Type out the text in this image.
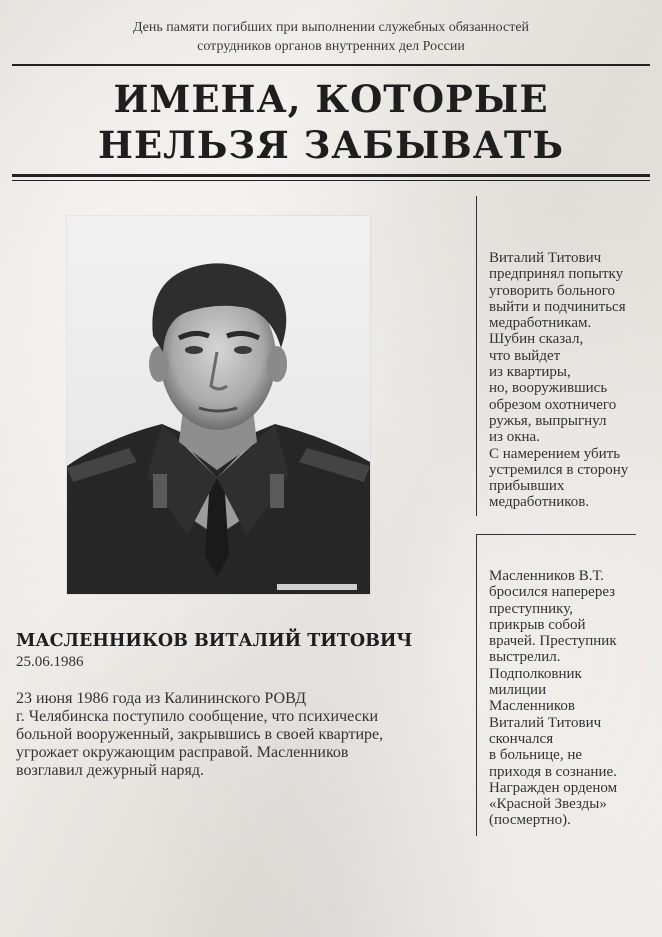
День памяти погибших при выполнении служебных обязанностей
сотрудников органов внутренних дел России
ИМЕНА, КОТОРЫЕ
НЕЛЬЗЯ ЗАБЫВАТЬ

Виталий Титович

предпринял попытку

уговорить больного

выйти и подчиниться

медработникам.

Шубин сказал,

что выйдет

из квартиры,

но, вооружившись

обрезом охотничего

ружья, выпрыгнул

из окна.

С намерением убить

устремился в сторону

прибывших

медработников.

Масленников В.Т.

бросился наперерез

преступнику,

прикрыв собой

врачей. Преступник

выстрелил.

Подполковник

милиции

Масленников

Виталий Титович

скончался

в больнице, не

приходя в сознание.

Награжден орденом

«Красной Звезды»

(посмертно).

МАСЛЕННИКОВ ВИТАЛИЙ ТИТОВИЧ
25.06.1986
23 июня 1986 года из Калининского РОВД
г. Челябинска поступило сообщение, что психически
больной вооруженный, закрывшись в своей квартире,
угрожает окружающим расправой. Масленников
возглавил дежурный наряд.
